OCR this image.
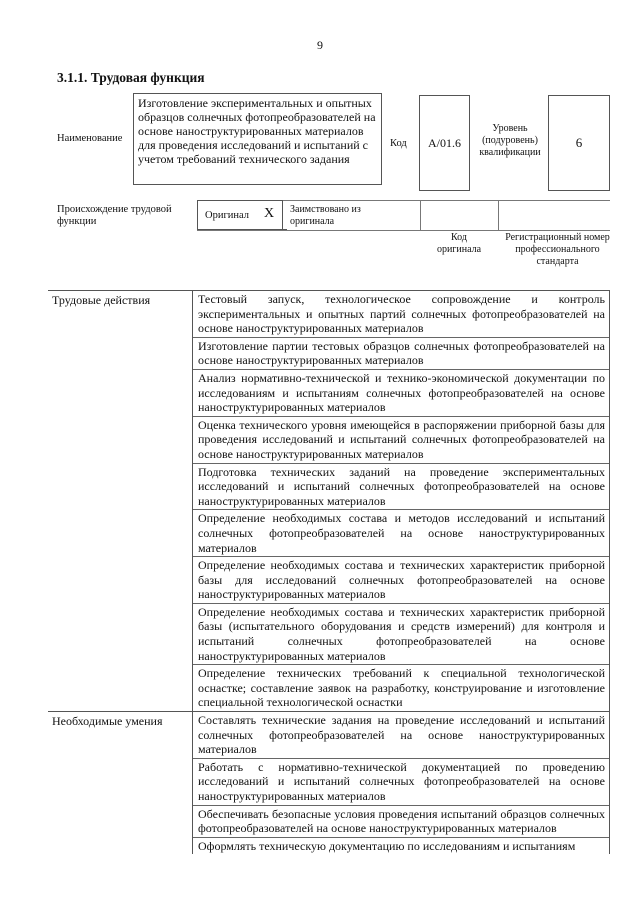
9
3.1.1. Трудовая функция
Наименование
Изготовление экспериментальных и опытных образцов солнечных фотопреобразователей на основе наноструктурированных материалов для проведения исследований и испытаний с учетом требований технического задания
Код А/01.6
Уровень (подуровень) квалификации
6
Происхождение трудовой функции
Оригинал X Заимствовано из оригинала
Код оригинала
Регистрационный номер профессионального стандарта
Трудовые действия	Тестовый запуск, технологическое сопровождение и контроль экспериментальных и опытных партий солнечных фотопреобразователей на основе наноструктурированных материалов
Изготовление партии тестовых образцов солнечных фотопреобразователей на основе наноструктурированных материалов
Анализ нормативно-технической и технико-экономической документации по исследованиям и испытаниям солнечных фотопреобразователей на основе наноструктурированных материалов
Оценка технического уровня имеющейся в распоряжении приборной базы для проведения исследований и испытаний солнечных фотопреобразователей на основе наноструктурированных материалов
Подготовка технических заданий на проведение экспериментальных исследований и испытаний солнечных фотопреобразователей на основе наноструктурированных материалов
Определение необходимых состава и методов исследований и испытаний солнечных фотопреобразователей на основе наноструктурированных материалов
Определение необходимых состава и технических характеристик приборной базы для исследований солнечных фотопреобразователей на основе наноструктурированных материалов
Определение необходимых состава и технических характеристик приборной базы (испытательного оборудования и средств измерений) для контроля и испытаний солнечных фотопреобразователей на основе наноструктурированных материалов
Определение технических требований к специальной технологической оснастке; составление заявок на разработку, конструирование и изготовление специальной технологической оснастки
Необходимые умения	Составлять технические задания на проведение исследований и испытаний солнечных фотопреобразователей на основе наноструктурированных материалов
Работать с нормативно-технической документацией по проведению исследований и испытаний солнечных фотопреобразователей на основе наноструктурированных материалов
Обеспечивать безопасные условия проведения испытаний образцов солнечных фотопреобразователей на основе наноструктурированных материалов
Оформлять техническую документацию по исследованиям и испытаниям
